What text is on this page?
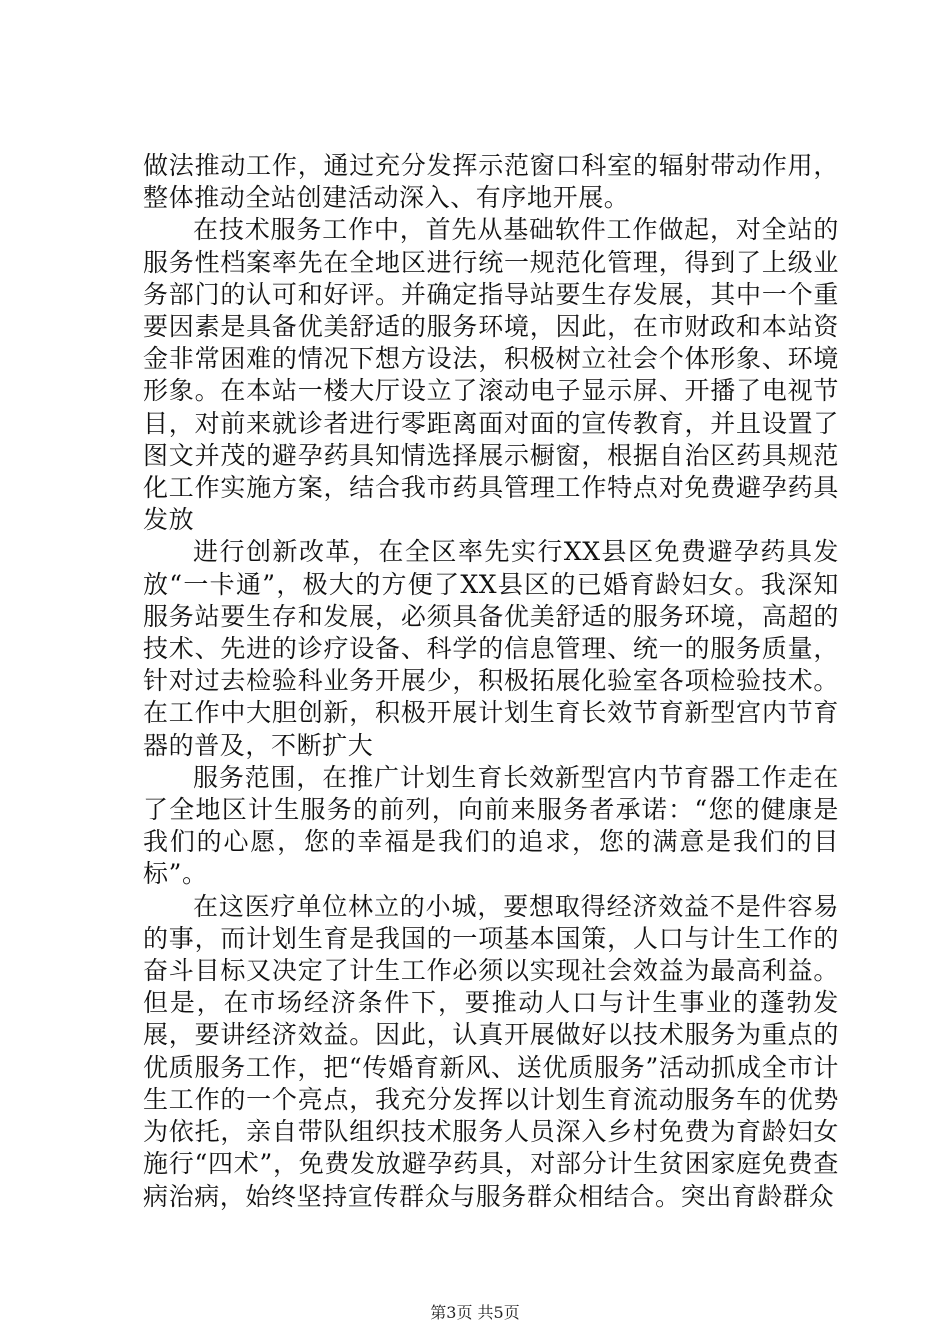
做法推动工作，通过充分发挥示范窗口科室的辐射带动作用，整体推动全站创建活动深入、有序地开展。

在技术服务工作中，首先从基础软件工作做起，对全站的服务性档案率先在全地区进行统一规范化管理，得到了上级业务部门的认可和好评。并确定指导站要生存发展，其中一个重要因素是具备优美舒适的服务环境，因此，在市财政和本站资金非常困难的情况下想方设法，积极树立社会个体形象、环境形象。在本站一楼大厅设立了滚动电子显示屏、开播了电视节目，对前来就诊者进行零距离面对面的宣传教育，并且设置了图文并茂的避孕药具知情选择展示橱窗，根据自治区药具规范化工作实施方案，结合我市药具管理工作特点对免费避孕药具发放

进行创新改革，在全区率先实行XX县区免费避孕药具发放“一卡通”，极大的方便了XX县区的已婚育龄妇女。我深知服务站要生存和发展，必须具备优美舒适的服务环境，高超的技术、先进的诊疗设备、科学的信息管理、统一的服务质量，针对过去检验科业务开展少，积极拓展化验室各项检验技术。在工作中大胆创新，积极开展计划生育长效节育新型宫内节育器的普及，不断扩大

服务范围，在推广计划生育长效新型宫内节育器工作走在了全地区计生服务的前列，向前来服务者承诺：“您的健康是我们的心愿，您的幸福是我们的追求，您的满意是我们的目标”。

在这医疗单位林立的小城，要想取得经济效益不是件容易的事，而计划生育是我国的一项基本国策，人口与计生工作的奋斗目标又决定了计生工作必须以实现社会效益为最高利益。但是，在市场经济条件下，要推动人口与计生事业的蓬勃发展，要讲经济效益。因此，认真开展做好以技术服务为重点的优质服务工作，把“传婚育新风、送优质服务”活动抓成全市计生工作的一个亮点，我充分发挥以计划生育流动服务车的优势为依托，亲自带队组织技术服务人员深入乡村免费为育龄妇女施行“四术”，免费发放避孕药具，对部分计生贫困家庭免费查病治病，始终坚持宣传群众与服务群众相结合。突出育龄群众

第3页 共5页
